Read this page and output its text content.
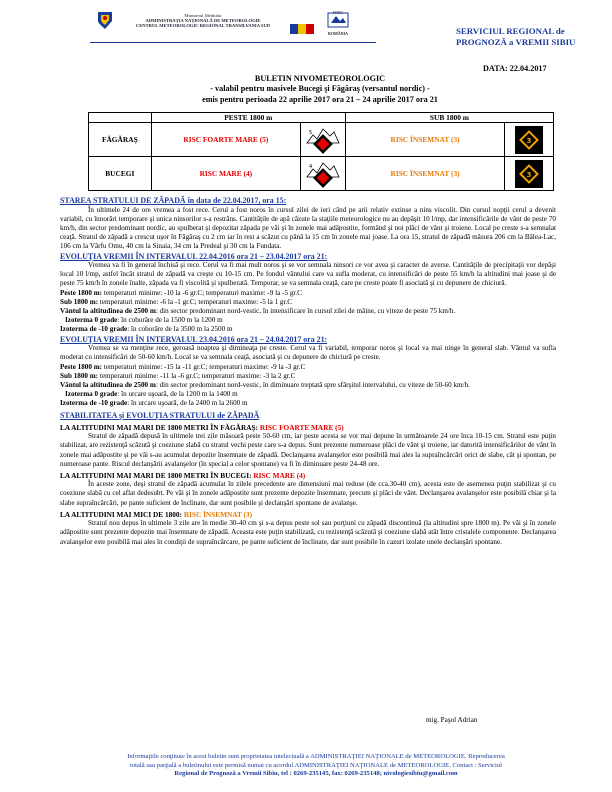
Ministerul Mediului
ADMINISTRAȚIA NAȚIONALĂ DE METEOROLOGIE
CENTRUL METEOROLOGIC REGIONAL TRANSILVANIA SUD
SIBIU
ROMÂNIA	SERVICIUL REGIONAL de
PROGNOZĂ a VREMII SIBIU
DATA: 22.04.2017
BULETIN NIVOMETEOROLOGIC
- valabil pentru masivele Bucegi şi Făgăraş (versantul nordic) -
emis pentru perioada 22 aprilie 2017 ora 21 – 24 aprilie 2017 ora 21
	PESTE 1800 m		SUB 1800 m	
FĂGĂRAŞ	RISC FOARTE MARE (5)	5	RISC ÎNSEMNAT (3)	3

BUCEGI	RISC MARE (4)	4	RISC ÎNSEMNAT (3)	3
STAREA STRATULUI DE ZĂPADĂ în data de 22.04.2017, ora 15:
În ultimele 24 de ore vremea a fost rece. Cerul a fost noros în cursul zilei de ieri când pe arii relativ extinse a nins viscolit. Din cursul nopţii cerul a devenit variabil, cu înnorări temporare şi unica ninsorilor s-a restrâns. Cantităţile de apă căzute la staţiile meteorologice nu au depăşit 10 l/mp, dar intensificările de vânt de peste 70 km/h, din sector predominant nordic, au spulberat şi depozitat zăpada pe văi şi în zonele mai adăpostite, formând şi noi plăci de vânt şi troiene. Local pe creste s-a semnalat ceaţă. Stratul de zăpadă a crescut uşor în Făgăraş cu 2 cm iar în rest a scăzut cu până la 15 cm în zonele mai joase. La ora 15, stratul de zăpadă măsura 206 cm la Bâlea-Lac, 106 cm la Vârfu Omu, 40 cm la Sinaia, 34 cm la Predeal şi 30 cm la Fundata.
EVOLUŢIA VREMII ÎN INTERVALUL 22.04.2016 ora 21 – 23.04.2017 ora 21:
Vremea va fi în general închisă şi rece. Cerul va fi mai mult noros şi se vor semnala ninsori ce vor avea şi caracter de averse. Cantităţile de precipitaţii vor depăşi local 10 l/mp, astfel încât stratul de zăpadă va creşte cu 10-15 cm. Pe fondul vântului care va sufla moderat, cu intensificări de peste 55 km/h la altitudini mai joase şi de peste 75 km/h în zonele înalte, zăpada va fi viscolită şi spulberată. Temporar, se va semnala ceaţă, care pe creste poate fi asociată şi cu depunere de chiciură.
Peste 1800 m: temperaturi minime: -10 la -6 gr.C; temperaturi maxime: -9 la -5 gr.C
Sub 1800 m: temperaturi minime: -6 la -1 gr.C; temperaturi maxime: -5 la 1 gr.C
Vântul la altitudinea de 2500 m: din sector predominant nord-vestic, în intensificare în cursul zilei de mâine, cu viteze de peste 75 km/h.
Izoterma 0 grade: în coborâre de la 1500 m la 1200 m
Izoterma de -10 grade: în coborâre de la 3500 m la 2500 m
EVOLUŢIA VREMII ÎN INTERVALUL 23.04.2016 ora 21 – 24.04.2017 ora 21:
Vremea se va menţine rece, geroasă noaptea şi dimineaţa pe creste. Cerul va fi variabil, temporar noros şi local va mai ninge în general slab. Vântul va sufla moderat cu intensificări de 50-60 km/h. Local se va semnala ceaţă, asociată şi cu depunere de chiciură pe creste.
Peste 1800 m: temperaturi minime: -15 la -11 gr.C; temperaturi maxime: -9 la -3 gr.C
Sub 1800 m: temperaturi minime: -11 la -6 gr.C; temperaturi maxime: -3 la 2 gr.C
Vântul la altitudinea de 2500 m: din sector predominant nord-vestic, în diminuare treptată spre sfârşitul intervalului, cu viteze de 50-60 km/h.
Izoterma 0 grade: în urcare uşoară, de la 1200 m la 1400 m
Izoterma de -10 grade: în urcare uşoară, de la 2400 m la 2600 m
STABILITATEA şi EVOLUŢIA STRATULUI de ZĂPADĂ
LA ALTITUDINI MAI MARI DE 1800 METRI ÎN FĂGĂRAŞ: RISC FOARTE MARE (5)
Stratul de zăpadă depusă în ultimele trei zile măsoară peste 50-60 cm, iar peste acesta se vor mai depune în următoarele 24 ore înca 10-15 cm. Stratul este puţin stabilizat, are rezistenţă scăzută şi coeziune slabă cu stratul vechi peste care s-a depus. Sunt prezente numeroase plăci de vânt şi troiene, iar datorită intensificărilor de vânt în zonele mai adăpostite şi pe văi s-au acumulat depozite însemnate de zăpadă. Declanşarea avalanşelor este posibilă mai ales la supraîncărcări orict de slabe, cât şi spontan, pe numeroase pante. Riscul declanşării avalanşelor (în special a celor spontane) va fi în diminuare peste 24-48 ore.
LA ALTITUDINI MAI MARI DE 1800 METRI ÎN BUCEGI: RISC MARE (4)
În aceste zone, deşi stratul de zăpadă acumulat în zilele precedente are dimensiuni mai reduse (de cca.30-40 cm), acesta este de asemenea puţin stabilizat şi cu coeziune slabă cu cel aflat dedesubt. Pe văi şi în zonele adăpostite sunt prezente depozite însemnate, precum şi plăci de vânt. Declanşarea avalanşelor este posibilă chiar şi la slabe supraîncărcări, pe pante suficient de înclinate, dar sunt posibile şi declanşări spontane de avalanşe.
LA ALTITUDINI MAI MICI DE 1800: RISC ÎNSEMNAT (3)
Stratul nou depus în ultimele 3 zile are în medie 30-40 cm şi s-a depus peste sol sau porţiuni cu zăpadă discontinuă (la altitudini spre 1800 m). Pe văi şi în zonele adăpostite sunt prezente depozite mai însemnate de zăpadă. Aceasta este puţin stabilizată, cu rezistenţă scăzută şi coeziune slabă atât între cristalele componente. Declanşarea avalanşelor este posibilă mai ales în condiţii de supraîncărcare, pe pante suficient de înclinate, dar sunt posibile în cazuri izolate unele declanşări spontane.
mig. Paşol Adrian
Informaţiile conţinute în acest buletin sunt proprietatea intelectuală a ADMINISTRAŢIEI NAŢIONALE de METEOROLOGIE. Reproducerea
totală sau parţială a buletinului este permisă numai cu acordul ADMINISTRAŢIEI NAŢIONALE de METEOROLOGIE. Contact : Serviciul
Regional de Prognoză a Vremii Sibiu, tel : 0269-235145, fax: 0269-235148; nivologiesibiu@gmail.com
